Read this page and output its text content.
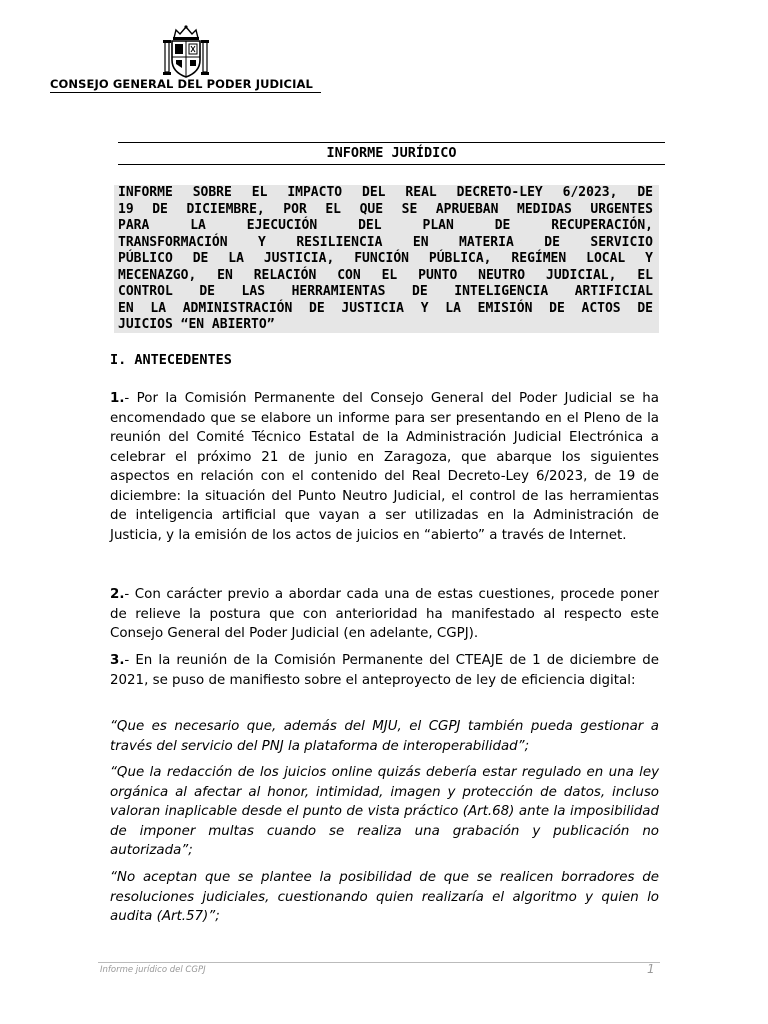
CONSEJO GENERAL DEL PODER JUDICIAL
INFORME JURÍDICO
INFORME SOBRE EL IMPACTO DEL REAL DECRETO-LEY 6/2023, DE
19 DE DICIEMBRE, POR EL QUE SE APRUEBAN MEDIDAS URGENTES
PARA LA EJECUCIÓN DEL PLAN DE RECUPERACIÓN,
TRANSFORMACIÓN Y RESILIENCIA EN MATERIA DE SERVICIO
PÚBLICO DE LA JUSTICIA, FUNCIÓN PÚBLICA, REGÍMEN LOCAL Y
MECENAZGO, EN RELACIÓN CON EL PUNTO NEUTRO JUDICIAL, EL
CONTROL DE LAS HERRAMIENTAS DE INTELIGENCIA ARTIFICIAL
EN LA ADMINISTRACIÓN DE JUSTICIA Y LA EMISIÓN DE ACTOS DE
JUICIOS “EN ABIERTO”
I. ANTECEDENTES
1.- Por la Comisión Permanente del Consejo General del Poder Judicial se ha encomendado que se elabore un informe para ser presentando en el Pleno de la reunión del Comité Técnico Estatal de la Administración Judicial Electrónica a celebrar el próximo 21 de junio en Zaragoza, que abarque los siguientes aspectos en relación con el contenido del Real Decreto-Ley 6/2023, de 19 de diciembre: la situación del Punto Neutro Judicial, el control de las herramientas de inteligencia artificial que vayan a ser utilizadas en la Administración de Justicia, y la emisión de los actos de juicios en “abierto” a través de Internet.
2.- Con carácter previo a abordar cada una de estas cuestiones, procede poner de relieve la postura que con anterioridad ha manifestado al respecto este Consejo General del Poder Judicial (en adelante, CGPJ).
3.- En la reunión de la Comisión Permanente del CTEAJE de 1 de diciembre de 2021, se puso de manifiesto sobre el anteproyecto de ley de eficiencia digital:
“Que es necesario que, además del MJU, el CGPJ también pueda gestionar a través del servicio del PNJ la plataforma de interoperabilidad”;
“Que la redacción de los juicios online quizás debería estar regulado en una ley orgánica al afectar al honor, intimidad, imagen y protección de datos, incluso valoran inaplicable desde el punto de vista práctico (Art.68) ante la imposibilidad de imponer multas cuando se realiza una grabación y publicación no autorizada”;
“No aceptan que se plantee la posibilidad de que se realicen borradores de resoluciones judiciales, cuestionando quien realizaría el algoritmo y quien lo audita (Art.57)”;
Informe jurídico del CGPJ	1
